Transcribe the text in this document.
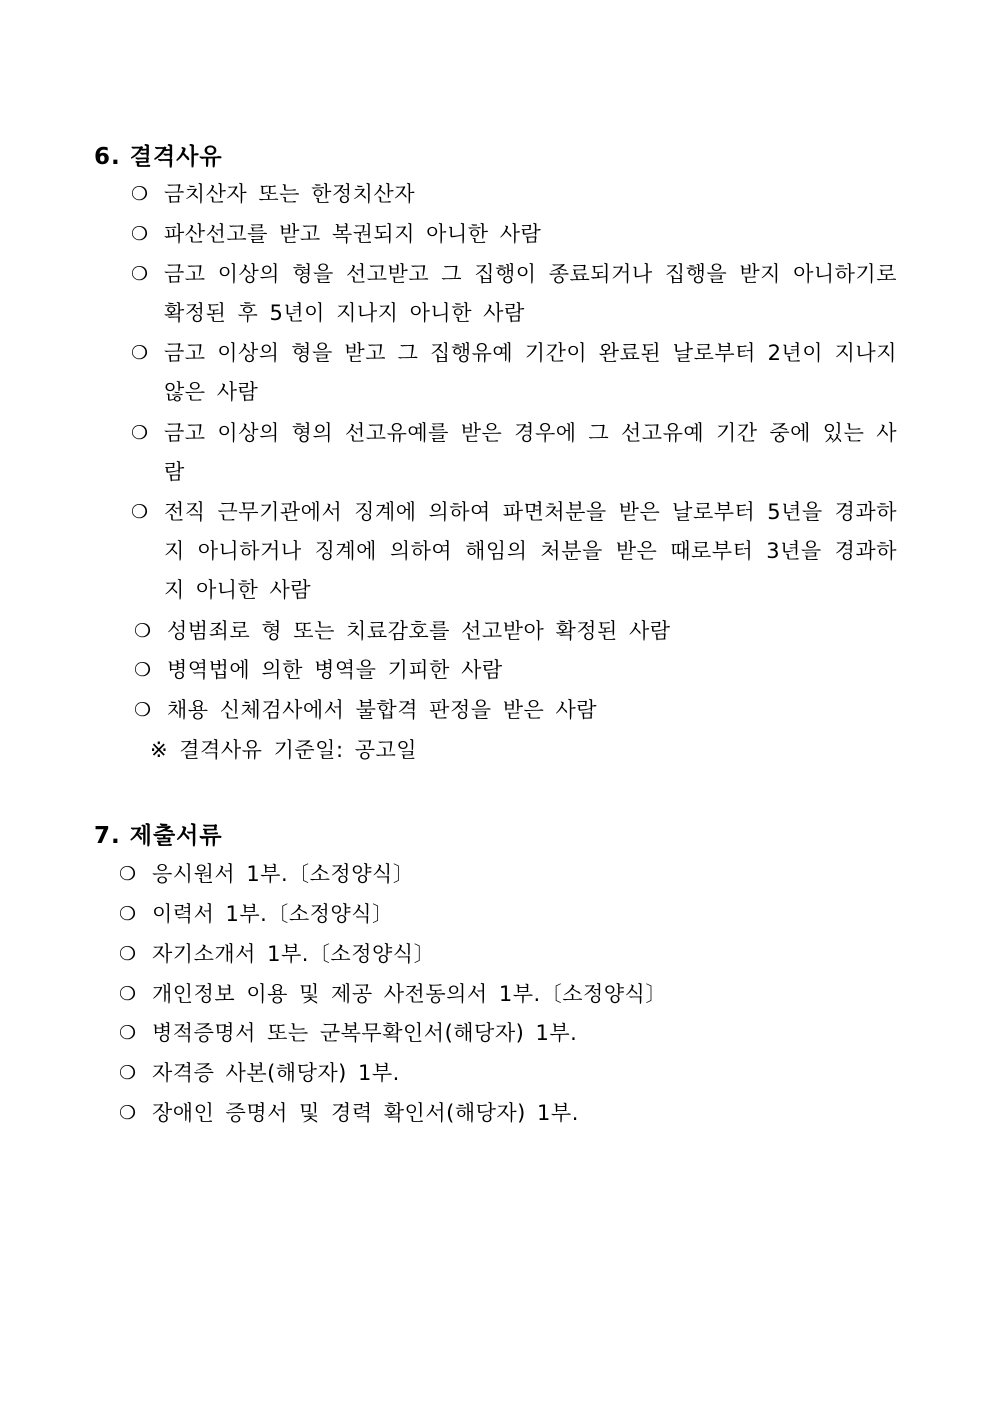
6. 결격사유
❍ 금치산자 또는 한정치산자
❍ 파산선고를 받고 복권되지 아니한 사람
❍ 금고 이상의 형을 선고받고 그 집행이 종료되거나 집행을 받지 아니하기로 확정된 후 5년이 지나지 아니한 사람
❍ 금고 이상의 형을 받고 그 집행유예 기간이 완료된 날로부터 2년이 지나지 않은 사람
❍ 금고 이상의 형의 선고유예를 받은 경우에 그 선고유예 기간 중에 있는 사람
❍ 전직 근무기관에서 징계에 의하여 파면처분을 받은 날로부터 5년을 경과하지 아니하거나 징계에 의하여 해임의 처분을 받은 때로부터 3년을 경과하지 아니한 사람
❍ 성범죄로 형 또는 치료감호를 선고받아 확정된 사람
❍ 병역법에 의한 병역을 기피한 사람
❍ 채용 신체검사에서 불합격 판정을 받은 사람
※ 결격사유 기준일: 공고일
7. 제출서류
❍ 응시원서 1부.〔소정양식〕
❍ 이력서 1부.〔소정양식〕
❍ 자기소개서 1부.〔소정양식〕
❍ 개인정보 이용 및 제공 사전동의서 1부.〔소정양식〕
❍ 병적증명서 또는 군복무확인서(해당자) 1부.
❍ 자격증 사본(해당자) 1부.
❍ 장애인 증명서 및 경력 확인서(해당자) 1부.
